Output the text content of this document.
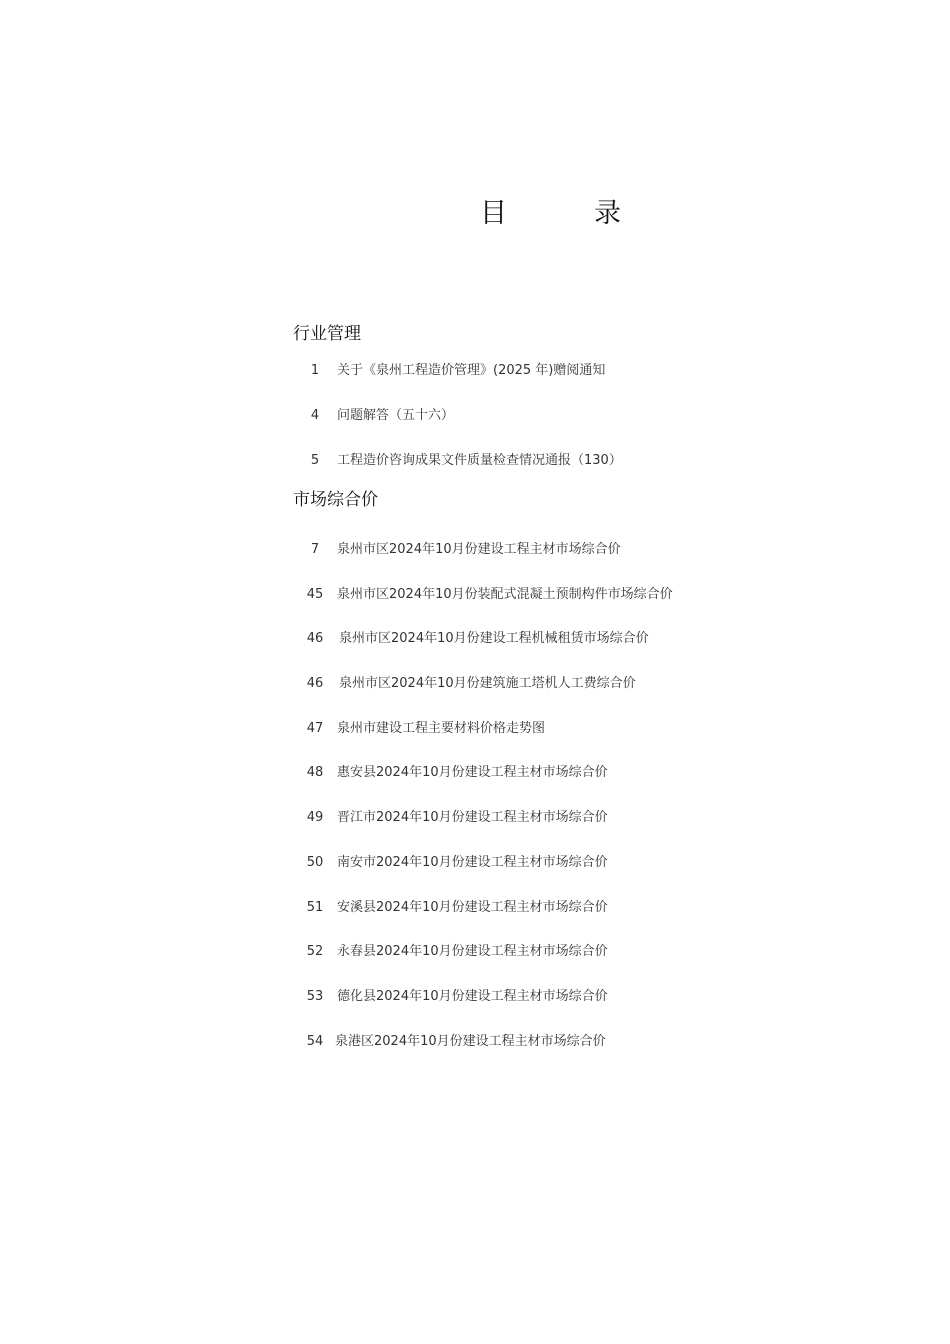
目　录
行业管理
1	关于《泉州工程造价管理》(2025 年)赠阅通知
4	问题解答（五十六）
5	工程造价咨询成果文件质量检查情况通报（130）
市场综合价
7	泉州市区2024年10月份建设工程主材市场综合价
45	泉州市区2024年10月份装配式混凝土预制构件市场综合价
46	泉州市区2024年10月份建设工程机械租赁市场综合价
46	泉州市区2024年10月份建筑施工塔机人工费综合价
47	泉州市建设工程主要材料价格走势图
48	惠安县2024年10月份建设工程主材市场综合价
49	晋江市2024年10月份建设工程主材市场综合价
50	南安市2024年10月份建设工程主材市场综合价
51	安溪县2024年10月份建设工程主材市场综合价
52	永春县2024年10月份建设工程主材市场综合价
53	德化县2024年10月份建设工程主材市场综合价
54 泉港区2024年10月份建设工程主材市场综合价
